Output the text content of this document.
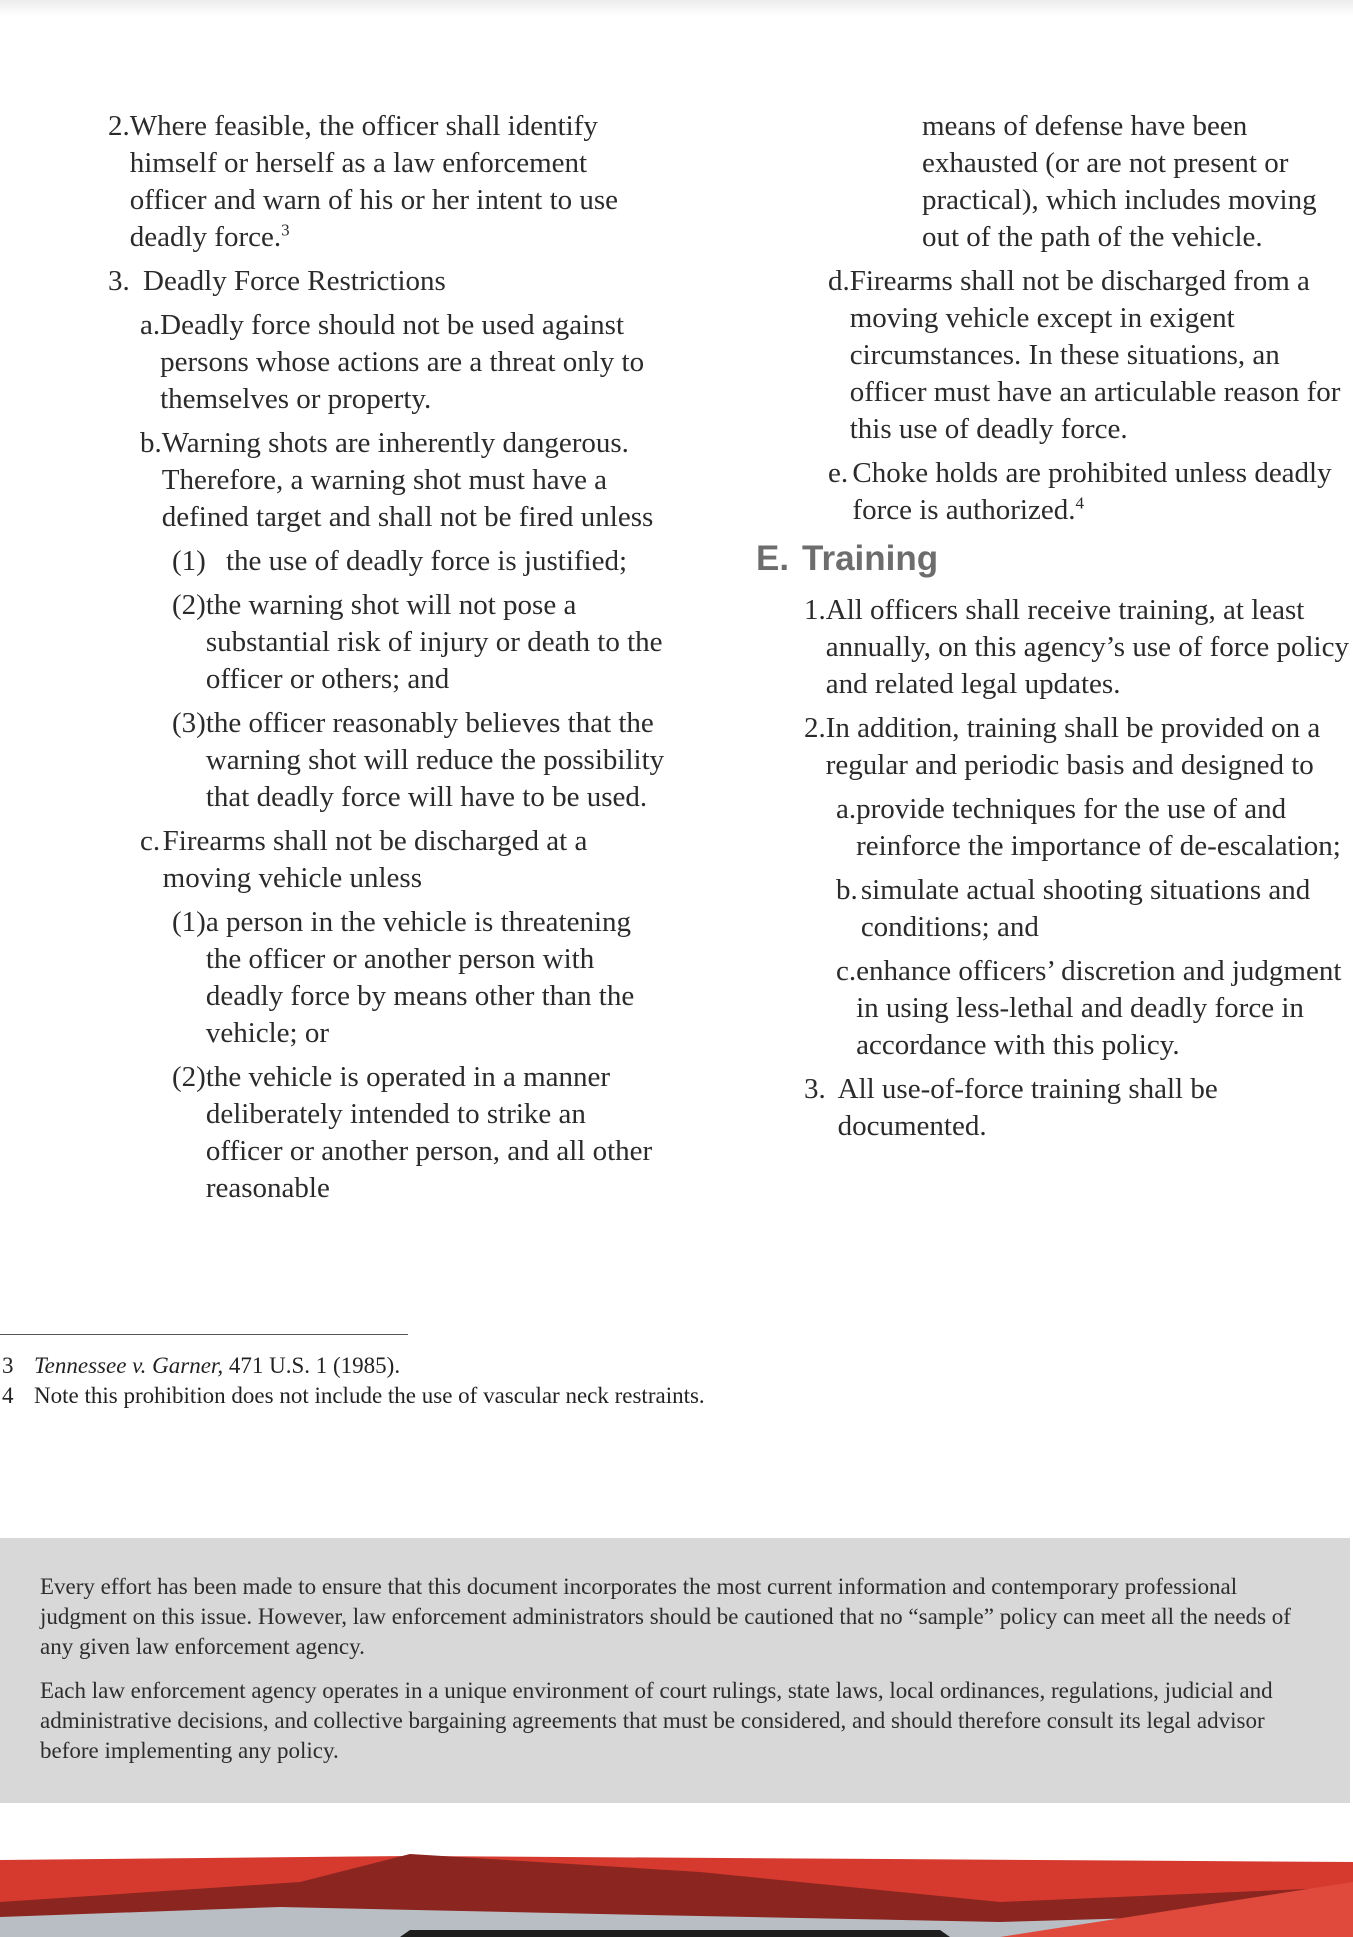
2. Where feasible, the officer shall identify himself or herself as a law enforcement officer and warn of his or her intent to use deadly force.$^3$
3. Deadly Force Restrictions
a. Deadly force should not be used against persons whose actions are a threat only to themselves or property.
b. Warning shots are inherently dangerous. Therefore, a warning shot must have a defined target and shall not be fired unless
(1) the use of deadly force is justified;
(2) the warning shot will not pose a substantial risk of injury or death to the officer or others; and
(3) the officer reasonably believes that the warning shot will reduce the possibility that deadly force will have to be used.
c. Firearms shall not be discharged at a moving vehicle unless
(1) a person in the vehicle is threatening the officer or another person with deadly force by means other than the vehicle; or
(2) the vehicle is operated in a manner deliberately intended to strike an officer or another person, and all other reasonable
means of defense have been exhausted (or are not present or practical), which includes moving out of the path of the vehicle.
d. Firearms shall not be discharged from a moving vehicle except in exigent circumstances. In these situations, an officer must have an articulable reason for this use of deadly force.
e. Choke holds are prohibited unless deadly force is authorized.$^4$
E. Training
1. All officers shall receive training, at least annually, on this agency’s use of force policy and related legal updates.
2. In addition, training shall be provided on a regular and periodic basis and designed to
a. provide techniques for the use of and reinforce the importance of de-escalation;
b. simulate actual shooting situations and conditions; and
c. enhance officers’ discretion and judgment in using less-lethal and deadly force in accordance with this policy.
3. All use-of-force training shall be documented.
3 Tennessee v. Garner, 471 U.S. 1 (1985).
4 Note this prohibition does not include the use of vascular neck restraints.

Every effort has been made to ensure that this document incorporates the most current information and contemporary professional judgment on this issue. However, law enforcement administrators should be cautioned that no “sample” policy can meet all the needs of any given law enforcement agency.

Each law enforcement agency operates in a unique environment of court rulings, state laws, local ordinances, regulations, judicial and administrative decisions, and collective bargaining agreements that must be considered, and should therefore consult its legal advisor before implementing any policy.
